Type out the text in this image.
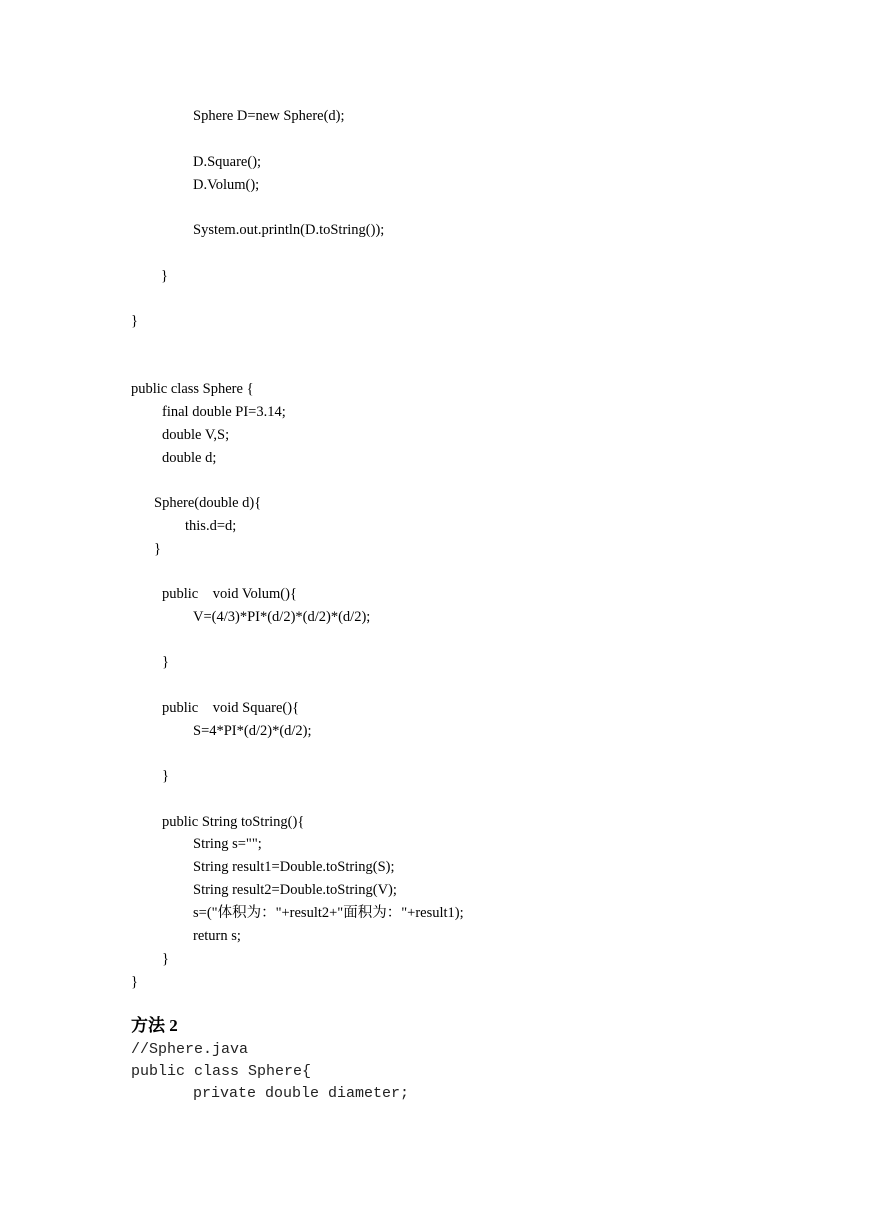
Sphere D=new Sphere(d);
D.Square();
D.Volum();
System.out.println(D.toString());
}
}
public class Sphere {
final double PI=3.14;
double V,S;
double d;
Sphere(double d){
this.d=d;
}
public    void Volum(){
V=(4/3)*PI*(d/2)*(d/2)*(d/2);
}
public    void Square(){
S=4*PI*(d/2)*(d/2);
}
public String toString(){
String s="";
String result1=Double.toString(S);
String result2=Double.toString(V);
s=("体积为："+result2+"面积为："+result1);
return s;
}
}
方法 2
//Sphere.java
public class Sphere{
private double diameter;
